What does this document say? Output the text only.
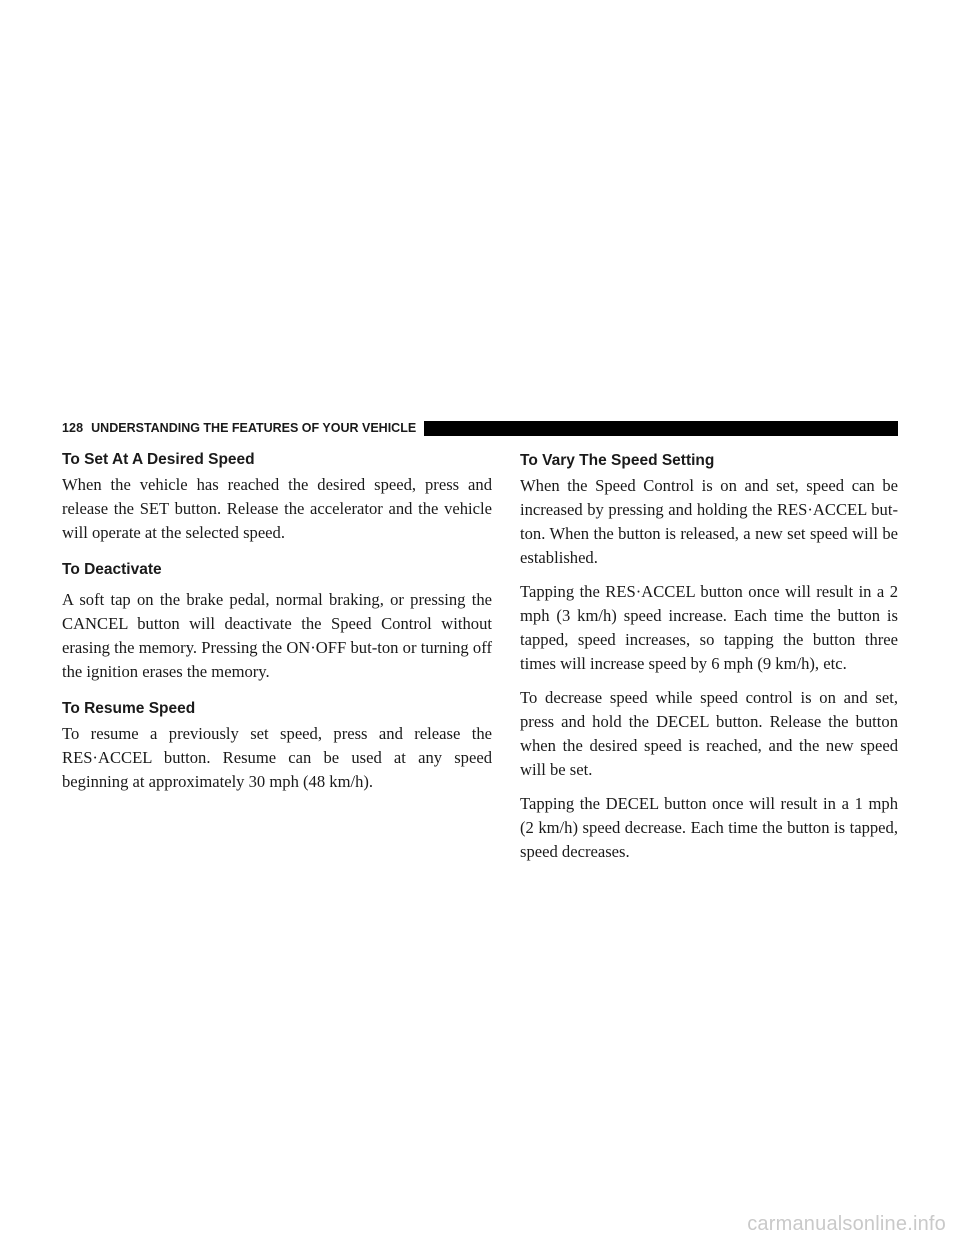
128 UNDERSTANDING THE FEATURES OF YOUR VEHICLE
To Set At A Desired Speed

When the vehicle has reached the desired speed, press and release the SET button. Release the accelerator and the vehicle will operate at the selected speed.

To Deactivate

A soft tap on the brake pedal, normal braking, or pressing the CANCEL button will deactivate the Speed Control without erasing the memory. Pressing the ON·OFF but-ton or turning off the ignition erases the memory.

To Resume Speed

To resume a previously set speed, press and release the RES·ACCEL button. Resume can be used at any speed beginning at approximately 30 mph (48 km/h).

To Vary The Speed Setting

When the Speed Control is on and set, speed can be increased by pressing and holding the RES·ACCEL but-ton. When the button is released, a new set speed will be established.

Tapping the RES·ACCEL button once will result in a 2 mph (3 km/h) speed increase. Each time the button is tapped, speed increases, so tapping the button three times will increase speed by 6 mph (9 km/h), etc.

To decrease speed while speed control is on and set, press and hold the DECEL button. Release the button when the desired speed is reached, and the new speed will be set.

Tapping the DECEL button once will result in a 1 mph (2 km/h) speed decrease. Each time the button is tapped, speed decreases.

carmanualsonline.info
